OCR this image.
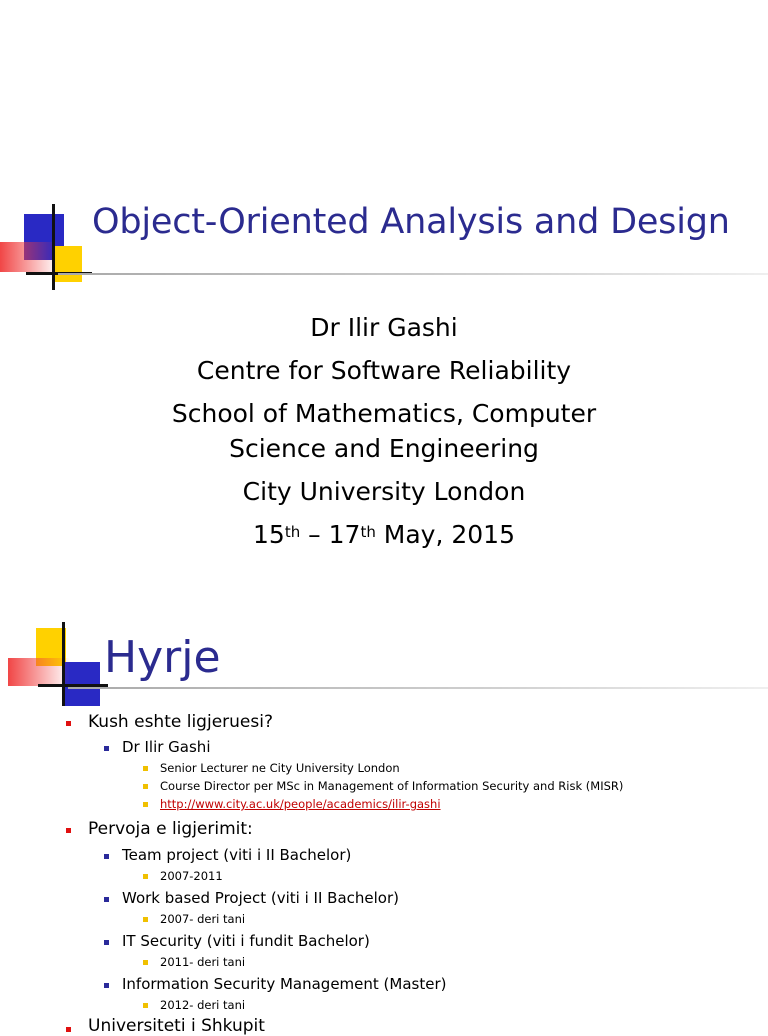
Object-Oriented Analysis and Design
Dr Ilir Gashi
Centre for Software Reliability
School of Mathematics, Computer
Science and Engineering
City University London
15th – 17th May, 2015
Hyrje
Kush eshte ligjeruesi?
Dr Ilir Gashi
Senior Lecturer ne City University London
Course Director per MSc in Management of Information Security and Risk (MISR)
http://www.city.ac.uk/people/academics/ilir-gashi
Pervoja e ligjerimit:
Team project (viti i II Bachelor)
2007-2011
Work based Project (viti i II Bachelor)
2007- deri tani
IT Security (viti i fundit Bachelor)
2011- deri tani
Information Security Management (Master)
2012- deri tani
Universiteti i Shkupit
